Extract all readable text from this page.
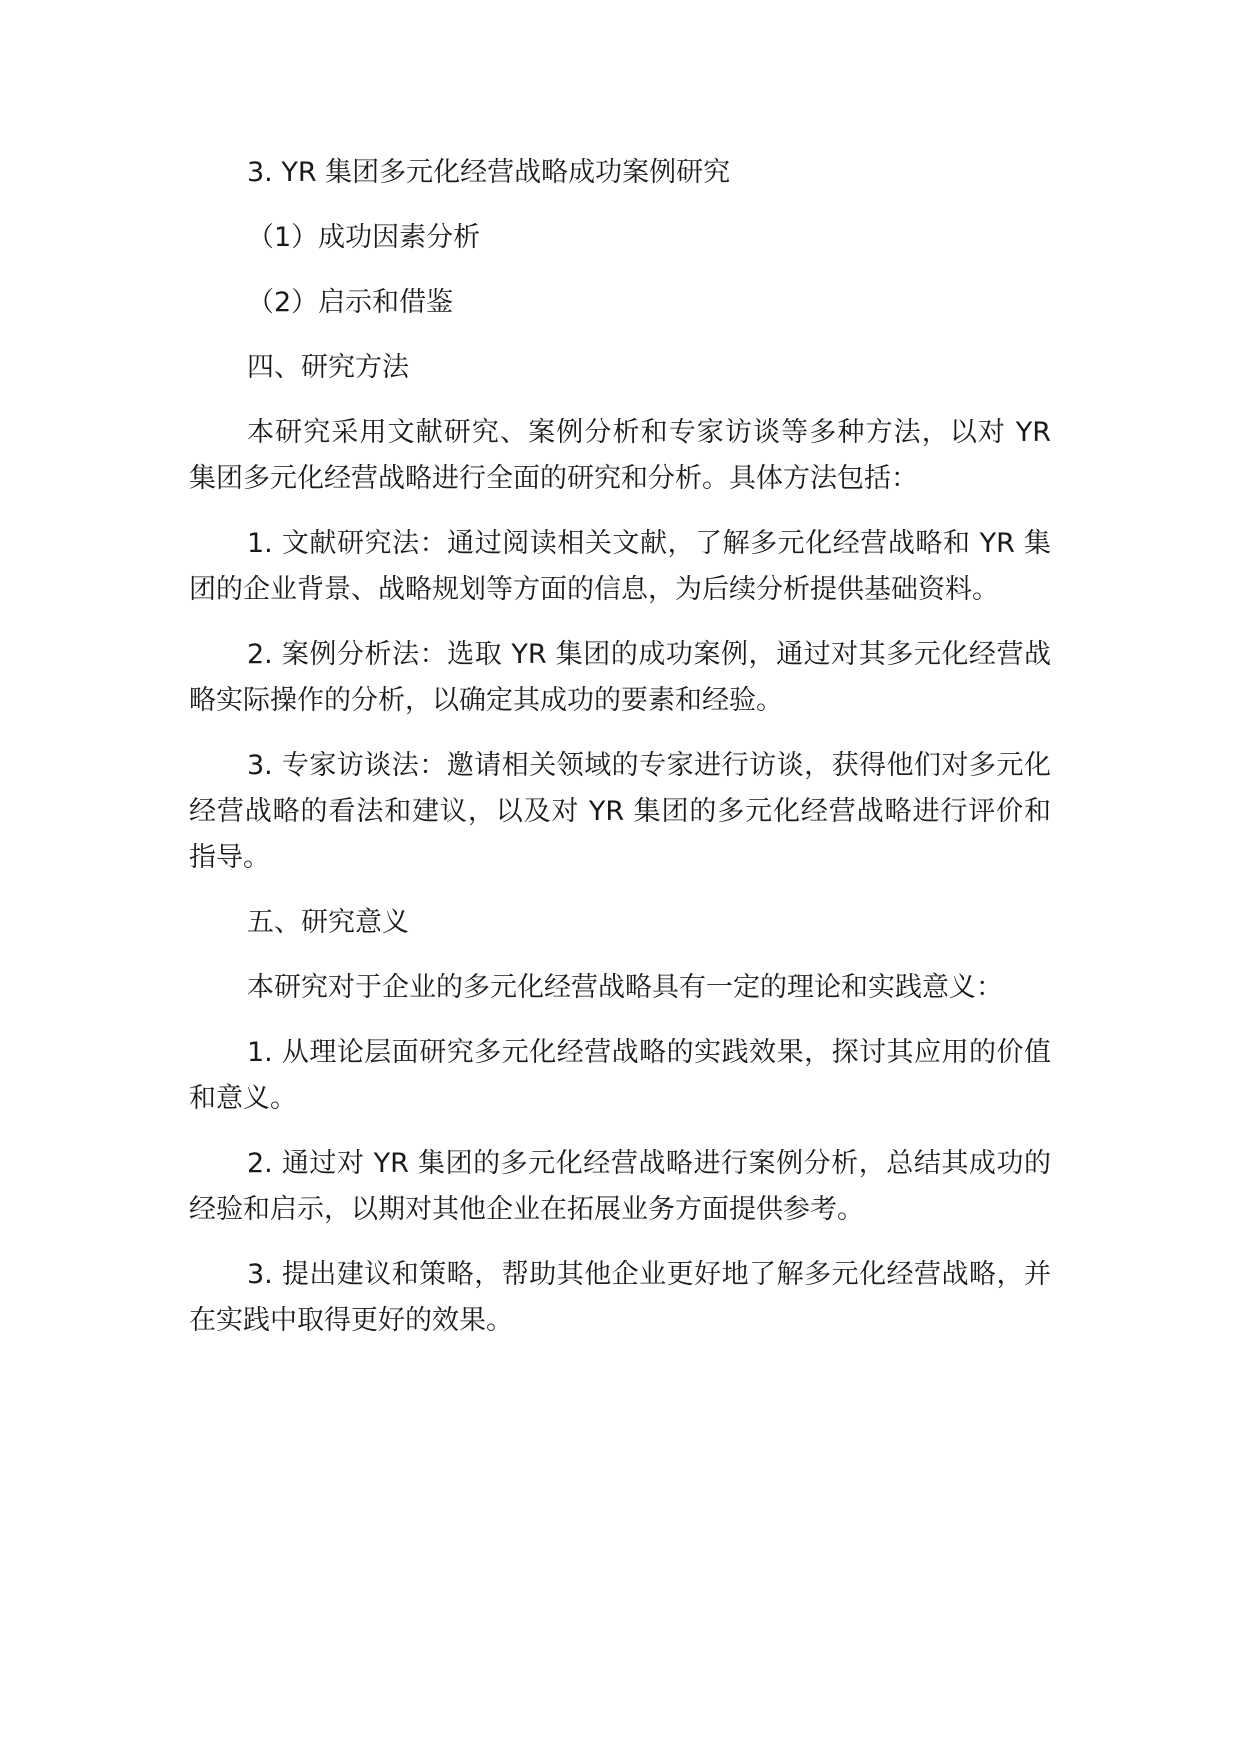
3. YR 集团多元化经营战略成功案例研究

（1）成功因素分析

（2）启示和借鉴

四、研究方法

本研究采用文献研究、案例分析和专家访谈等多种方法，以对 YR 集团多元化经营战略进行全面的研究和分析。具体方法包括：

1. 文献研究法：通过阅读相关文献，了解多元化经营战略和 YR 集团的企业背景、战略规划等方面的信息，为后续分析提供基础资料。

2. 案例分析法：选取 YR 集团的成功案例，通过对其多元化经营战略实际操作的分析，以确定其成功的要素和经验。

3. 专家访谈法：邀请相关领域的专家进行访谈，获得他们对多元化经营战略的看法和建议，以及对 YR 集团的多元化经营战略进行评价和指导。

五、研究意义

本研究对于企业的多元化经营战略具有一定的理论和实践意义：

1. 从理论层面研究多元化经营战略的实践效果，探讨其应用的价值和意义。

2. 通过对 YR 集团的多元化经营战略进行案例分析，总结其成功的经验和启示，以期对其他企业在拓展业务方面提供参考。

3. 提出建议和策略，帮助其他企业更好地了解多元化经营战略，并在实践中取得更好的效果。
